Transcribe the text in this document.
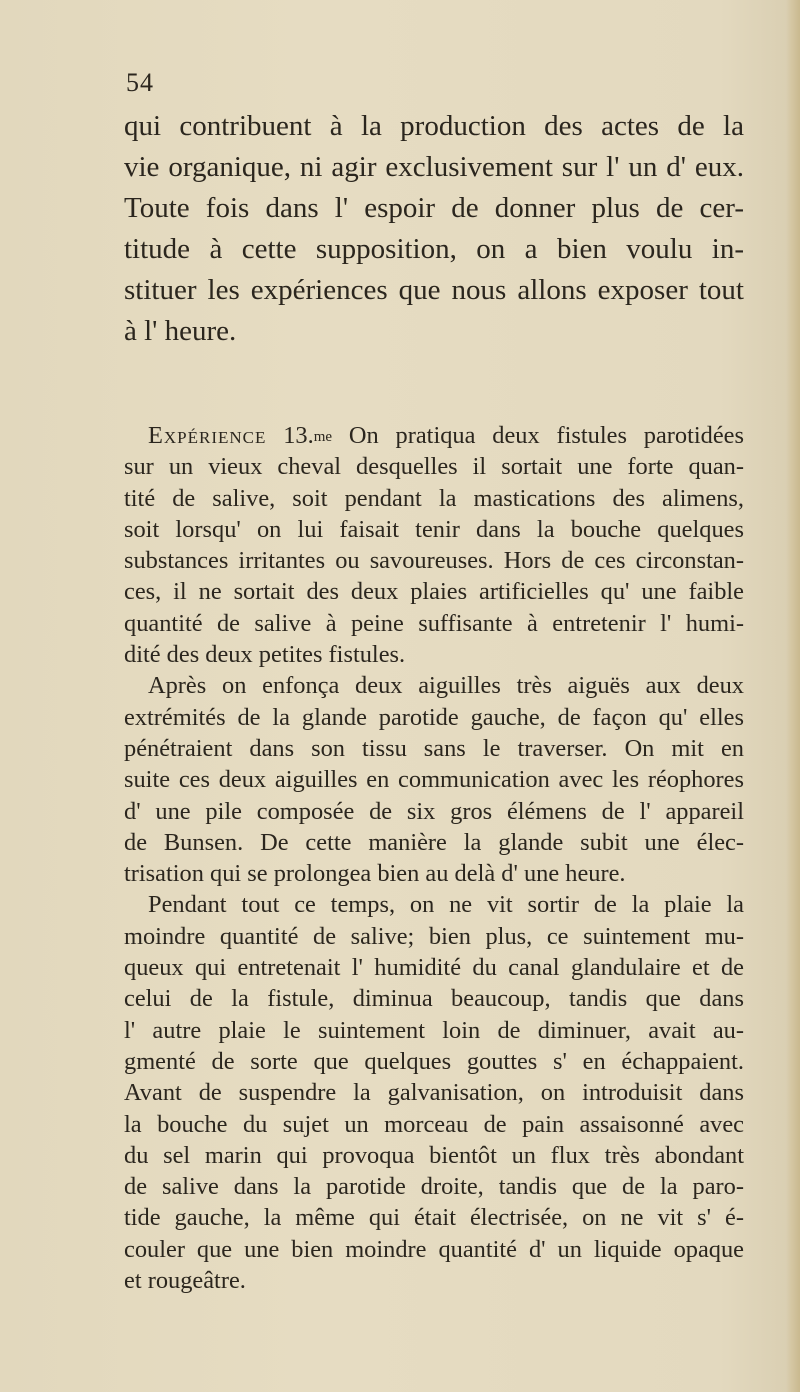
54
qui contribuent à la production des actes de la
vie organique, ni agir exclusivement sur l' un d' eux.
Toute fois dans l' espoir de donner plus de cer-
titude à cette supposition, on a bien voulu in-
stituer les expériences que nous allons exposer tout
à l' heure.
Expérience 13.$^{me}$ On pratiqua deux fistules parotidées
sur un vieux cheval desquelles il sortait une forte quan-
tité de salive, soit pendant la mastications des alimens,
soit lorsqu' on lui faisait tenir dans la bouche quelques
substances irritantes ou savoureuses. Hors de ces circonstan-
ces, il ne sortait des deux plaies artificielles qu' une faible
quantité de salive à peine suffisante à entretenir l' humi-
dité des deux petites fistules.
Après on enfonça deux aiguilles très aiguës aux deux
extrémités de la glande parotide gauche, de façon qu' elles
pénétraient dans son tissu sans le traverser. On mit en
suite ces deux aiguilles en communication avec les réophores
d' une pile composée de six gros élémens de l' appareil
de Bunsen. De cette manière la glande subit une élec-
trisation qui se prolongea bien au delà d' une heure.
Pendant tout ce temps, on ne vit sortir de la plaie la
moindre quantité de salive; bien plus, ce suintement mu-
queux qui entretenait l' humidité du canal glandulaire et de
celui de la fistule, diminua beaucoup, tandis que dans
l' autre plaie le suintement loin de diminuer, avait au-
gmenté de sorte que quelques gouttes s' en échappaient.
Avant de suspendre la galvanisation, on introduisit dans
la bouche du sujet un morceau de pain assaisonné avec
du sel marin qui provoqua bientôt un flux très abondant
de salive dans la parotide droite, tandis que de la paro-
tide gauche, la même qui était électrisée, on ne vit s' é-
couler que une bien moindre quantité d' un liquide opaque
et rougeâtre.
